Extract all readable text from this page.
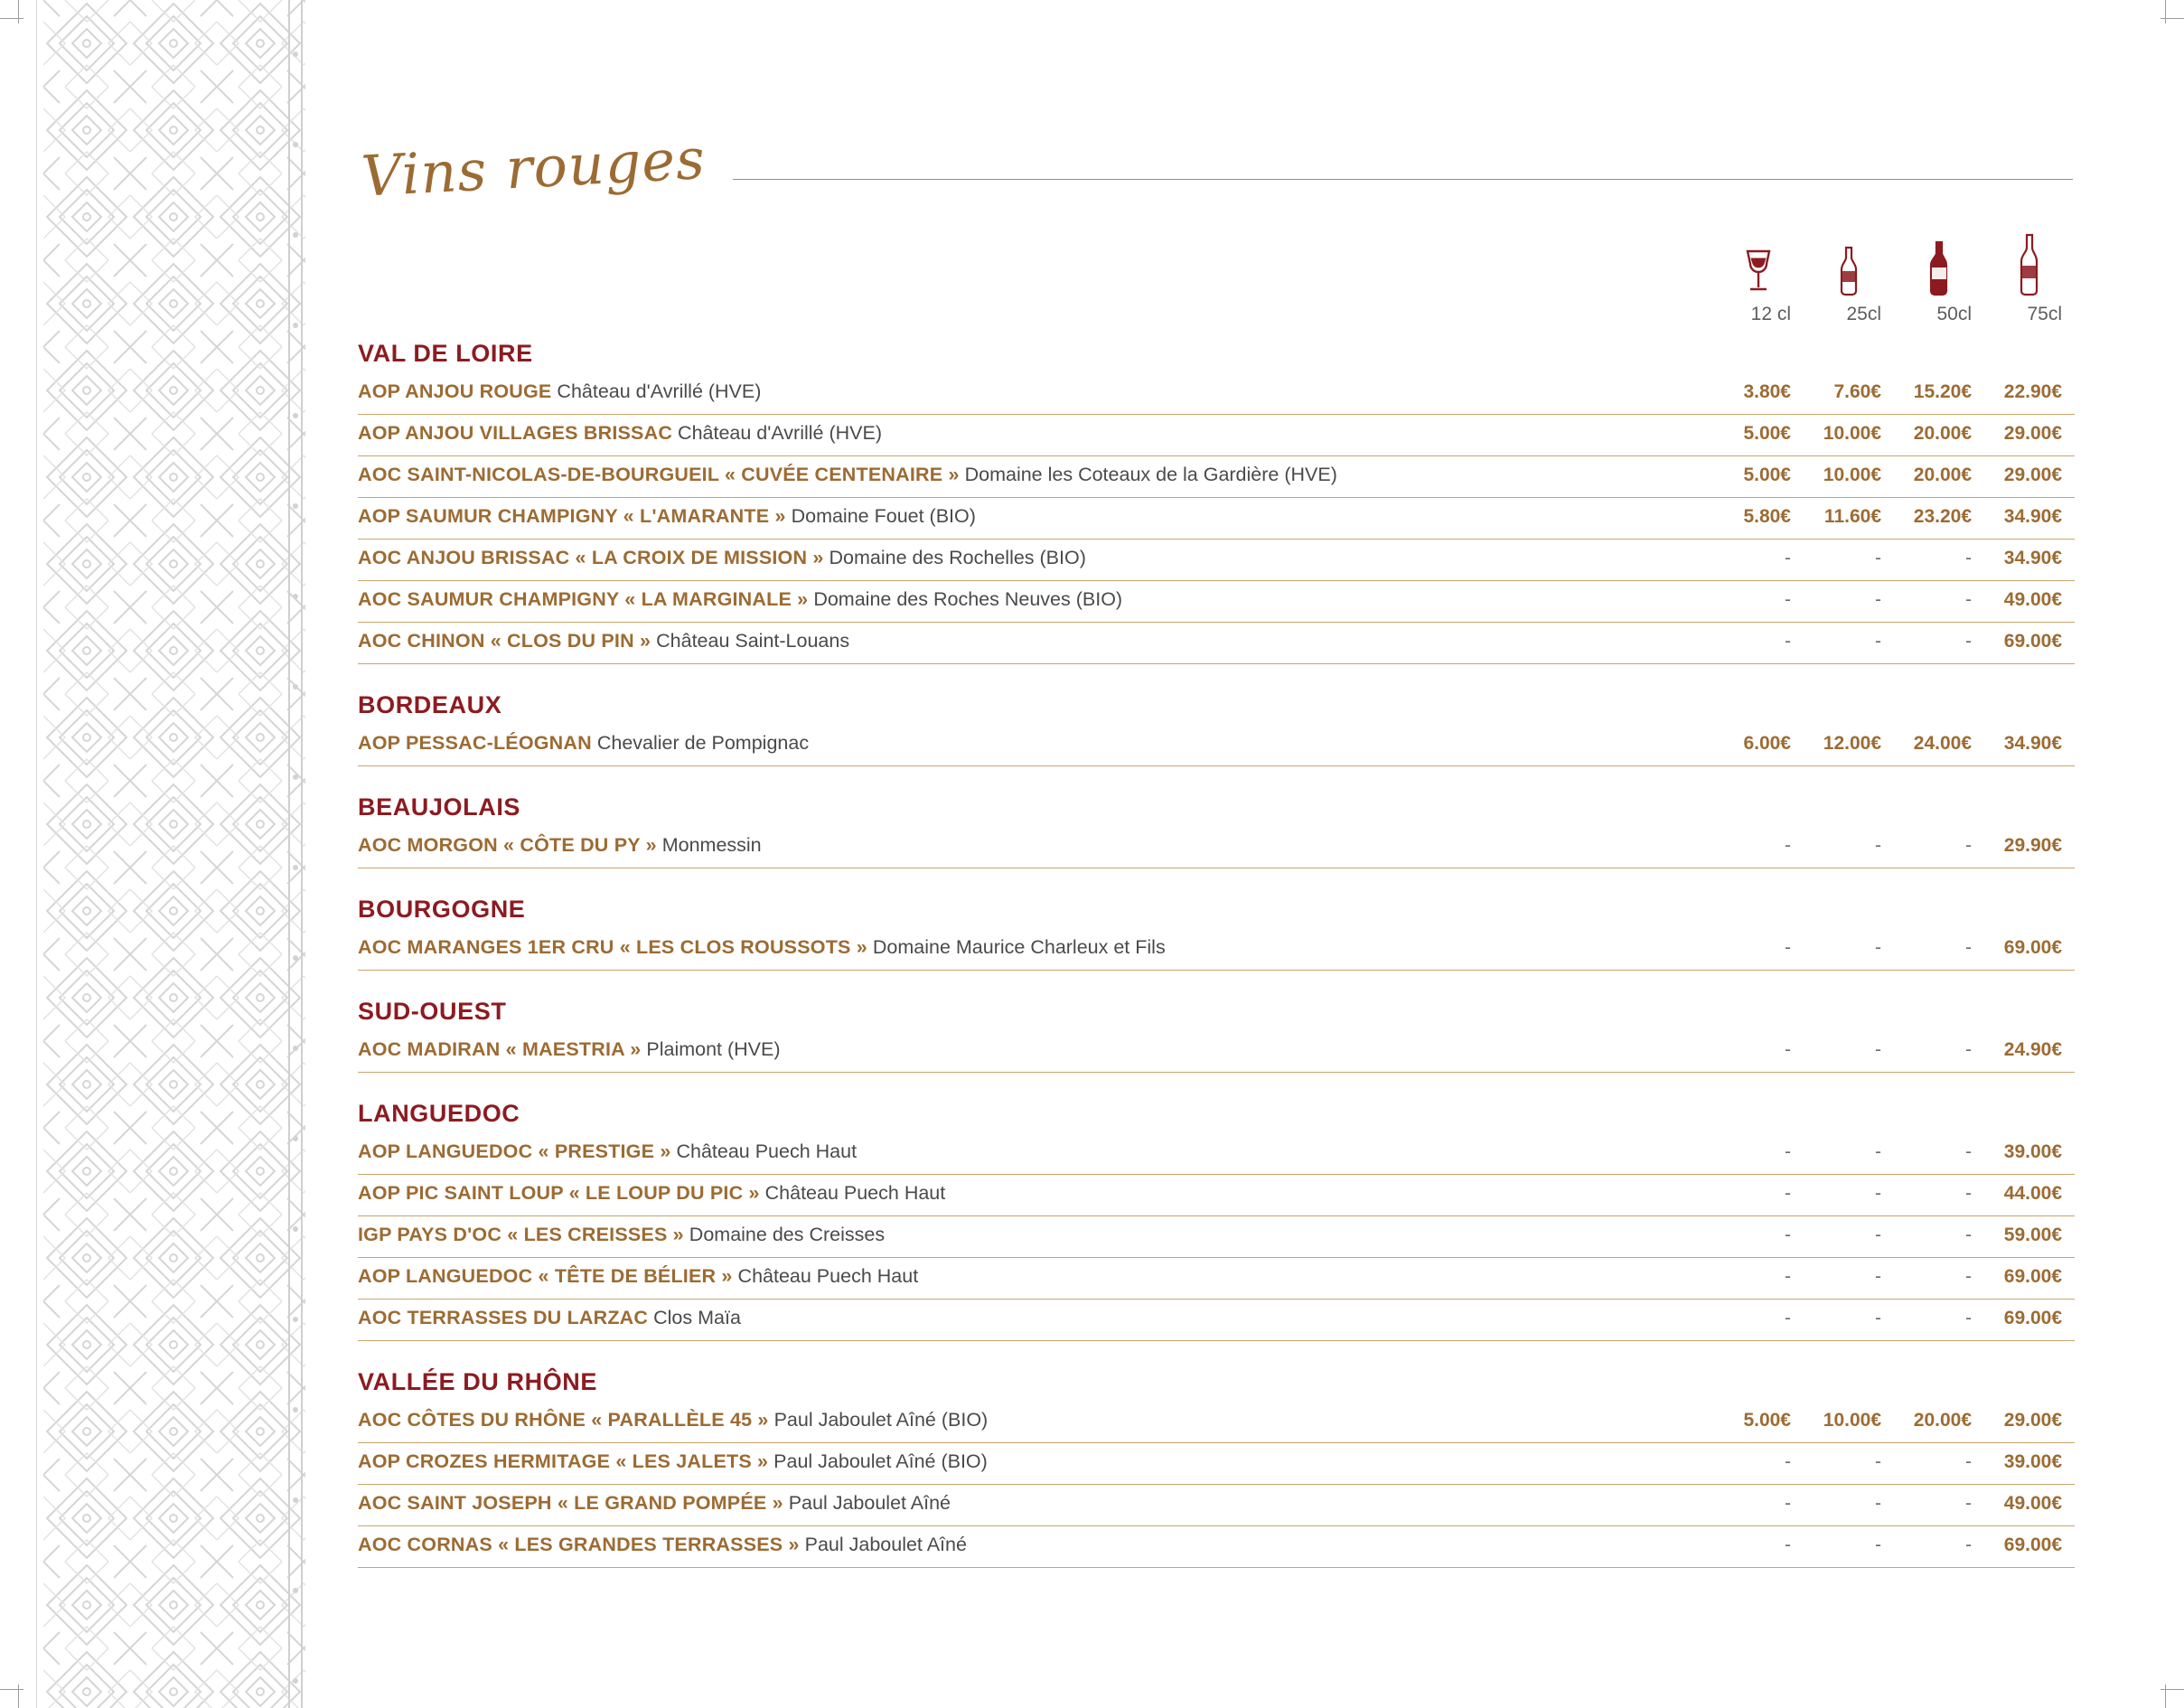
Vins rouges
12 cl	25cl	50cl	75cl
VAL DE LOIRE
AOP ANJOU ROUGE Château d'Avrillé (HVE)	3.80€	7.60€	15.20€	22.90€
AOP ANJOU VILLAGES BRISSAC Château d'Avrillé (HVE)	5.00€	10.00€	20.00€	29.00€
AOC SAINT-NICOLAS-DE-BOURGUEIL « CUVÉE CENTENAIRE » Domaine les Coteaux de la Gardière (HVE)	5.00€	10.00€	20.00€	29.00€
AOP SAUMUR CHAMPIGNY « L'AMARANTE » Domaine Fouet (BIO)	5.80€	11.60€	23.20€	34.90€
AOC ANJOU BRISSAC « LA CROIX DE MISSION » Domaine des Rochelles (BIO)	-	-	-	34.90€
AOC SAUMUR CHAMPIGNY « LA MARGINALE » Domaine des Roches Neuves (BIO)	-	-	-	49.00€
AOC CHINON « CLOS DU PIN » Château Saint-Louans	-	-	-	69.00€
BORDEAUX
AOP PESSAC-LÉOGNAN Chevalier de Pompignac	6.00€	12.00€	24.00€	34.90€
BEAUJOLAIS
AOC MORGON « CÔTE DU PY » Monmessin	-	-	-	29.90€
BOURGOGNE
AOC MARANGES 1ER CRU « LES CLOS ROUSSOTS » Domaine Maurice Charleux et Fils	-	-	-	69.00€
SUD-OUEST
AOC MADIRAN « MAESTRIA » Plaimont (HVE)	-	-	-	24.90€
LANGUEDOC
AOP LANGUEDOC « PRESTIGE » Château Puech Haut	-	-	-	39.00€
AOP PIC SAINT LOUP « LE LOUP DU PIC » Château Puech Haut	-	-	-	44.00€
IGP PAYS D'OC « LES CREISSES » Domaine des Creisses	-	-	-	59.00€
AOP LANGUEDOC « TÊTE DE BÉLIER » Château Puech Haut	-	-	-	69.00€
AOC TERRASSES DU LARZAC Clos Maïa	-	-	-	69.00€
VALLÉE DU RHÔNE
AOC CÔTES DU RHÔNE « PARALLÈLE 45 » Paul Jaboulet Aîné (BIO)	5.00€	10.00€	20.00€	29.00€
AOP CROZES HERMITAGE « LES JALETS » Paul Jaboulet Aîné (BIO)	-	-	-	39.00€
AOC SAINT JOSEPH « LE GRAND POMPÉE » Paul Jaboulet Aîné	-	-	-	49.00€
AOC CORNAS « LES GRANDES TERRASSES » Paul Jaboulet Aîné	-	-	-	69.00€
